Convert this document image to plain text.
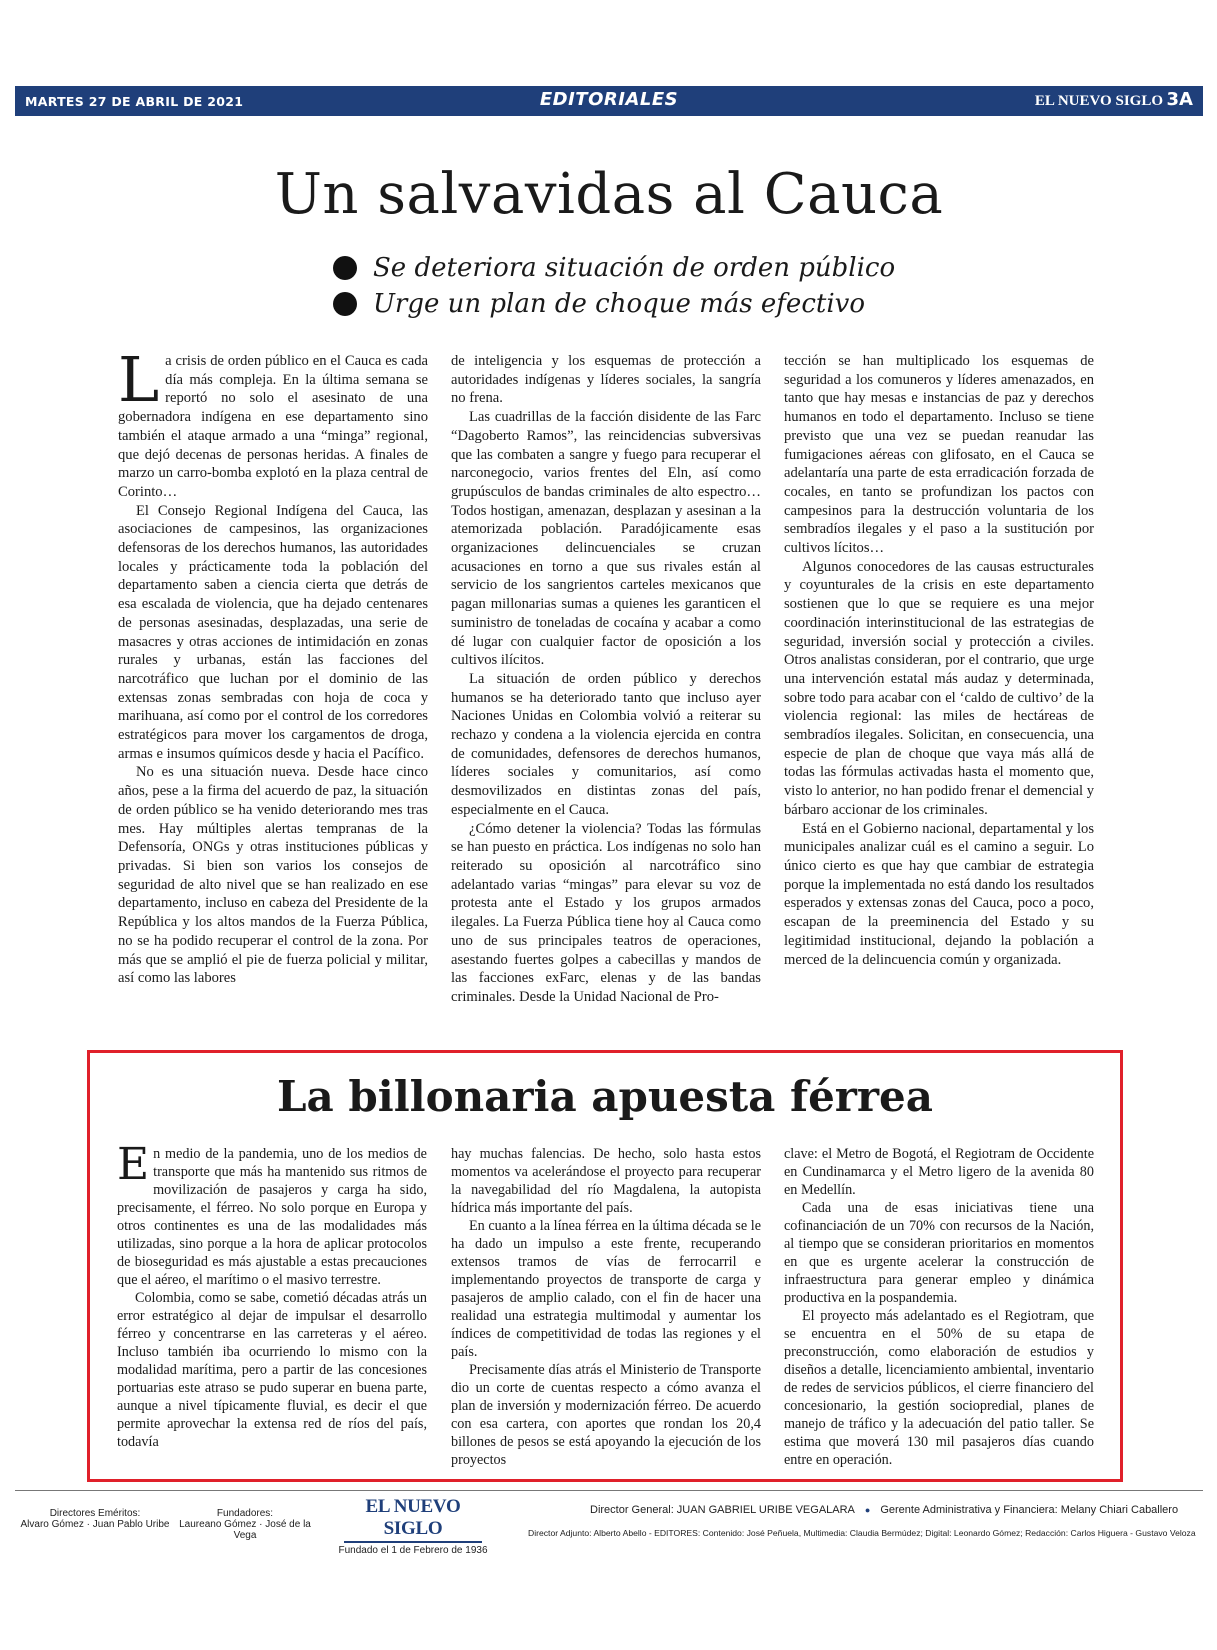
MARTES 27 DE ABRIL DE 2021	EDITORIALES	EL NUEVO SIGLO 3A
Un salvavidas al Cauca
Se deteriora situación de orden público
Urge un plan de choque más efectivo

La crisis de orden público en el Cauca es cada día más compleja. En la última semana se reportó no solo el asesinato de una gobernadora indígena en ese departamento sino también el ataque armado a una “minga” regional, que dejó decenas de personas heridas. A finales de marzo un carro-bomba explotó en la plaza central de Corinto…

El Consejo Regional Indígena del Cauca, las asociaciones de campesinos, las organizaciones defensoras de los derechos humanos, las autoridades locales y prácticamente toda la población del departamento saben a ciencia cierta que detrás de esa escalada de violencia, que ha dejado centenares de personas asesinadas, desplazadas, una serie de masacres y otras acciones de intimidación en zonas rurales y urbanas, están las facciones del narcotráfico que luchan por el dominio de las extensas zonas sembradas con hoja de coca y marihuana, así como por el control de los corredores estratégicos para mover los cargamentos de droga, armas e insumos químicos desde y hacia el Pacífico.

No es una situación nueva. Desde hace cinco años, pese a la firma del acuerdo de paz, la situación de orden público se ha venido deteriorando mes tras mes. Hay múltiples alertas tempranas de la Defensoría, ONGs y otras instituciones públicas y privadas. Si bien son varios los consejos de seguridad de alto nivel que se han realizado en ese departamento, incluso en cabeza del Presidente de la República y los altos mandos de la Fuerza Pública, no se ha podido recuperar el control de la zona. Por más que se amplió el pie de fuerza policial y militar, así como las labores

de inteligencia y los esquemas de protección a autoridades indígenas y líderes sociales, la sangría no frena.

Las cuadrillas de la facción disidente de las Farc “Dagoberto Ramos”, las reincidencias subversivas que las combaten a sangre y fuego para recuperar el narconegocio, varios frentes del Eln, así como grupúsculos de bandas criminales de alto espectro… Todos hostigan, amenazan, desplazan y asesinan a la atemorizada población. Paradójicamente esas organizaciones delincuenciales se cruzan acusaciones en torno a que sus rivales están al servicio de los sangrientos carteles mexicanos que pagan millonarias sumas a quienes les garanticen el suministro de toneladas de cocaína y acabar a como dé lugar con cualquier factor de oposición a los cultivos ilícitos.

La situación de orden público y derechos humanos se ha deteriorado tanto que incluso ayer Naciones Unidas en Colombia volvió a reiterar su rechazo y condena a la violencia ejercida en contra de comunidades, defensores de derechos humanos, líderes sociales y comunitarios, así como desmovilizados en distintas zonas del país, especialmente en el Cauca.

¿Cómo detener la violencia? Todas las fórmulas se han puesto en práctica. Los indígenas no solo han reiterado su oposición al narcotráfico sino adelantado varias “mingas” para elevar su voz de protesta ante el Estado y los grupos armados ilegales. La Fuerza Pública tiene hoy al Cauca como uno de sus principales teatros de operaciones, asestando fuertes golpes a cabecillas y mandos de las facciones exFarc, elenas y de las bandas criminales. Desde la Unidad Nacional de Pro-

tección se han multiplicado los esquemas de seguridad a los comuneros y líderes amenazados, en tanto que hay mesas e instancias de paz y derechos humanos en todo el departamento. Incluso se tiene previsto que una vez se puedan reanudar las fumigaciones aéreas con glifosato, en el Cauca se adelantaría una parte de esta erradicación forzada de cocales, en tanto se profundizan los pactos con campesinos para la destrucción voluntaria de los sembradíos ilegales y el paso a la sustitución por cultivos lícitos…

Algunos conocedores de las causas estructurales y coyunturales de la crisis en este departamento sostienen que lo que se requiere es una mejor coordinación interinstitucional de las estrategias de seguridad, inversión social y protección a civiles. Otros analistas consideran, por el contrario, que urge una intervención estatal más audaz y determinada, sobre todo para acabar con el ‘caldo de cultivo’ de la violencia regional: las miles de hectáreas de sembradíos ilegales. Solicitan, en consecuencia, una especie de plan de choque que vaya más allá de todas las fórmulas activadas hasta el momento que, visto lo anterior, no han podido frenar el demencial y bárbaro accionar de los criminales.

Está en el Gobierno nacional, departamental y los municipales analizar cuál es el camino a seguir. Lo único cierto es que hay que cambiar de estrategia porque la implementada no está dando los resultados esperados y extensas zonas del Cauca, poco a poco, escapan de la preeminencia del Estado y su legitimidad institucional, dejando la población a merced de la delincuencia común y organizada.

La billonaria apuesta férrea

En medio de la pandemia, uno de los medios de transporte que más ha mantenido sus ritmos de movilización de pasajeros y carga ha sido, precisamente, el férreo. No solo porque en Europa y otros continentes es una de las modalidades más utilizadas, sino porque a la hora de aplicar protocolos de bioseguridad es más ajustable a estas precauciones que el aéreo, el marítimo o el masivo terrestre.

Colombia, como se sabe, cometió décadas atrás un error estratégico al dejar de impulsar el desarrollo férreo y concentrarse en las carreteras y el aéreo. Incluso también iba ocurriendo lo mismo con la modalidad marítima, pero a partir de las concesiones portuarias este atraso se pudo superar en buena parte, aunque a nivel típicamente fluvial, es decir el que permite aprovechar la extensa red de ríos del país, todavía

hay muchas falencias. De hecho, solo hasta estos momentos va acelerándose el proyecto para recuperar la navegabilidad del río Magdalena, la autopista hídrica más importante del país.

En cuanto a la línea férrea en la última década se le ha dado un impulso a este frente, recuperando extensos tramos de vías de ferrocarril e implementando proyectos de transporte de carga y pasajeros de amplio calado, con el fin de hacer una realidad una estrategia multimodal y aumentar los índices de competitividad de todas las regiones y el país.

Precisamente días atrás el Ministerio de Transporte dio un corte de cuentas respecto a cómo avanza el plan de inversión y modernización férreo. De acuerdo con esa cartera, con aportes que rondan los 20,4 billones de pesos se está apoyando la ejecución de los proyectos

clave: el Metro de Bogotá, el Regiotram de Occidente en Cundinamarca y el Metro ligero de la avenida 80 en Medellín.

Cada una de esas iniciativas tiene una cofinanciación de un 70% con recursos de la Nación, al tiempo que se consideran prioritarios en momentos en que es urgente acelerar la construcción de infraestructura para generar empleo y dinámica productiva en la pospandemia.

El proyecto más adelantado es el Regiotram, que se encuentra en el 50% de su etapa de preconstrucción, como elaboración de estudios y diseños a detalle, licenciamiento ambiental, inventario de redes de servicios públicos, el cierre financiero del concesionario, la gestión sociopredial, planes de manejo de tráfico y la adecuación del patio taller. Se estima que moverá 130 mil pasajeros días cuando entre en operación.

Directores Eméritos:
Alvaro Gómez · Juan Pablo Uribe
Fundadores:
Laureano Gómez · José de la Vega
EL NUEVO SIGLO
Fundado el 1 de Febrero de 1936
Director General: JUAN GABRIEL URIBE VEGALARA ● Gerente Administrativa y Financiera: Melany Chiari Caballero
Director Adjunto: Alberto Abello - EDITORES: Contenido: José Peñuela, Multimedia: Claudia Bermúdez; Digital: Leonardo Gómez; Redacción: Carlos Higuera - Gustavo Veloza
